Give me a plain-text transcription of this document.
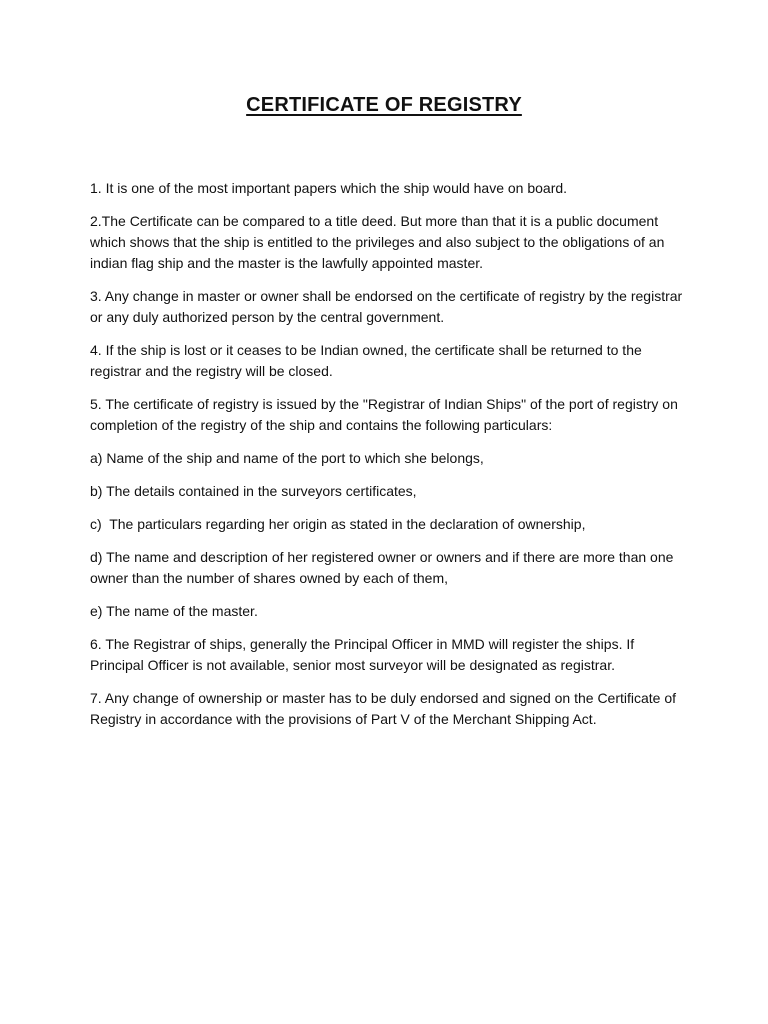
CERTIFICATE OF REGISTRY

1. It is one of the most important papers which the ship would have on board.

2.The Certificate can be compared to a title deed. But more than that it is a public document which shows that the ship is entitled to the privileges and also subject to the obligations of an indian flag ship and the master is the lawfully appointed master.

3. Any change in master or owner shall be endorsed on the certificate of registry by the registrar or any duly authorized person by the central government.

4. If the ship is lost or it ceases to be Indian owned, the certificate shall be returned to the registrar and the registry will be closed.

5. The certificate of registry is issued by the "Registrar of Indian Ships" of the port of registry on completion of the registry of the ship and contains the following particulars:

a) Name of the ship and name of the port to which she belongs,

b) The details contained in the surveyors certificates,

c)  The particulars regarding her origin as stated in the declaration of ownership,

d) The name and description of her registered owner or owners and if there are more than one owner than the number of shares owned by each of them,

e) The name of the master.

6. The Registrar of ships, generally the Principal Officer in MMD will register the ships. If Principal Officer is not available, senior most surveyor will be designated as registrar.

7. Any change of ownership or master has to be duly endorsed and signed on the Certificate of Registry in accordance with the provisions of Part V of the Merchant Shipping Act.
